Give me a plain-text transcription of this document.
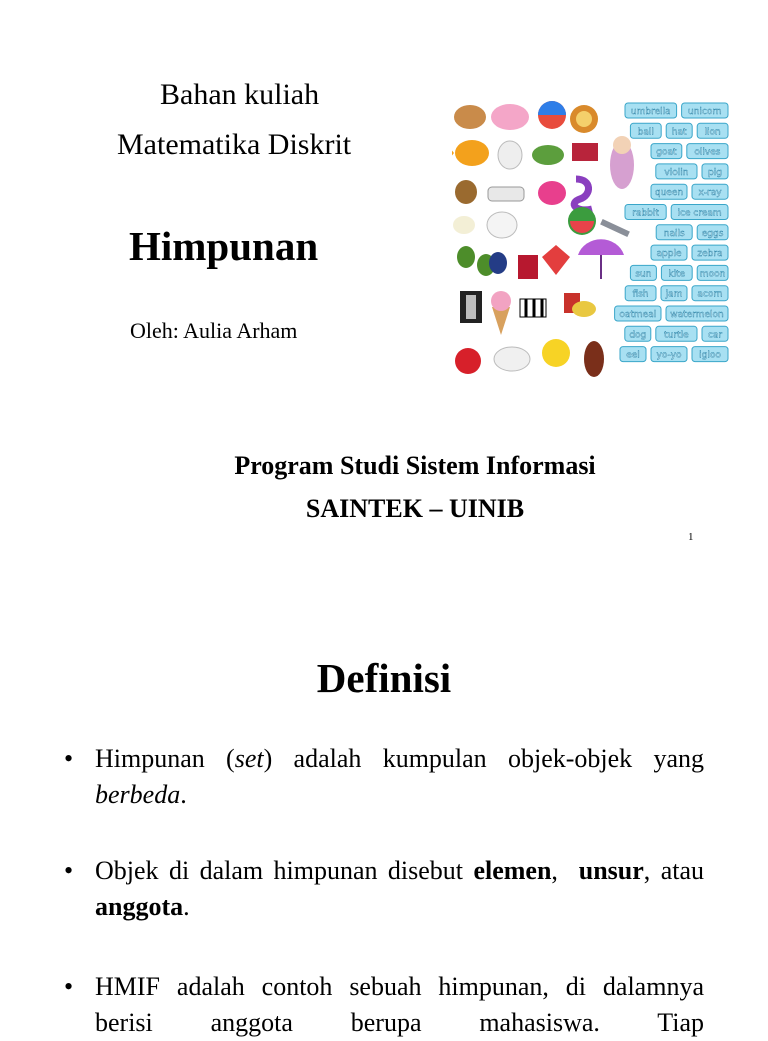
Bahan kuliah
Matematika Diskrit
Himpunan
Oleh: Aulia Arham
Program Studi Sistem Informasi
SAINTEK – UINIB
1
unicorn
umbrella
lion
hat
ball
olives
goat
pig
violin
x-ray
queen
ice cream
rabbit
eggs
nails
zebra
apple
moon
kite
sun
acorn
jam
fish
watermelon
oatmeal
car
turtle
dog
igloo
yo-yo
eel
Definisi
• Himpunan (set) adalah kumpulan objek-objek yang berbeda.
• Objek di dalam himpunan disebut elemen,  unsur, atau anggota.
• HMIF adalah contoh sebuah himpunan, di dalamnya berisi anggota berupa mahasiswa. Tiap
